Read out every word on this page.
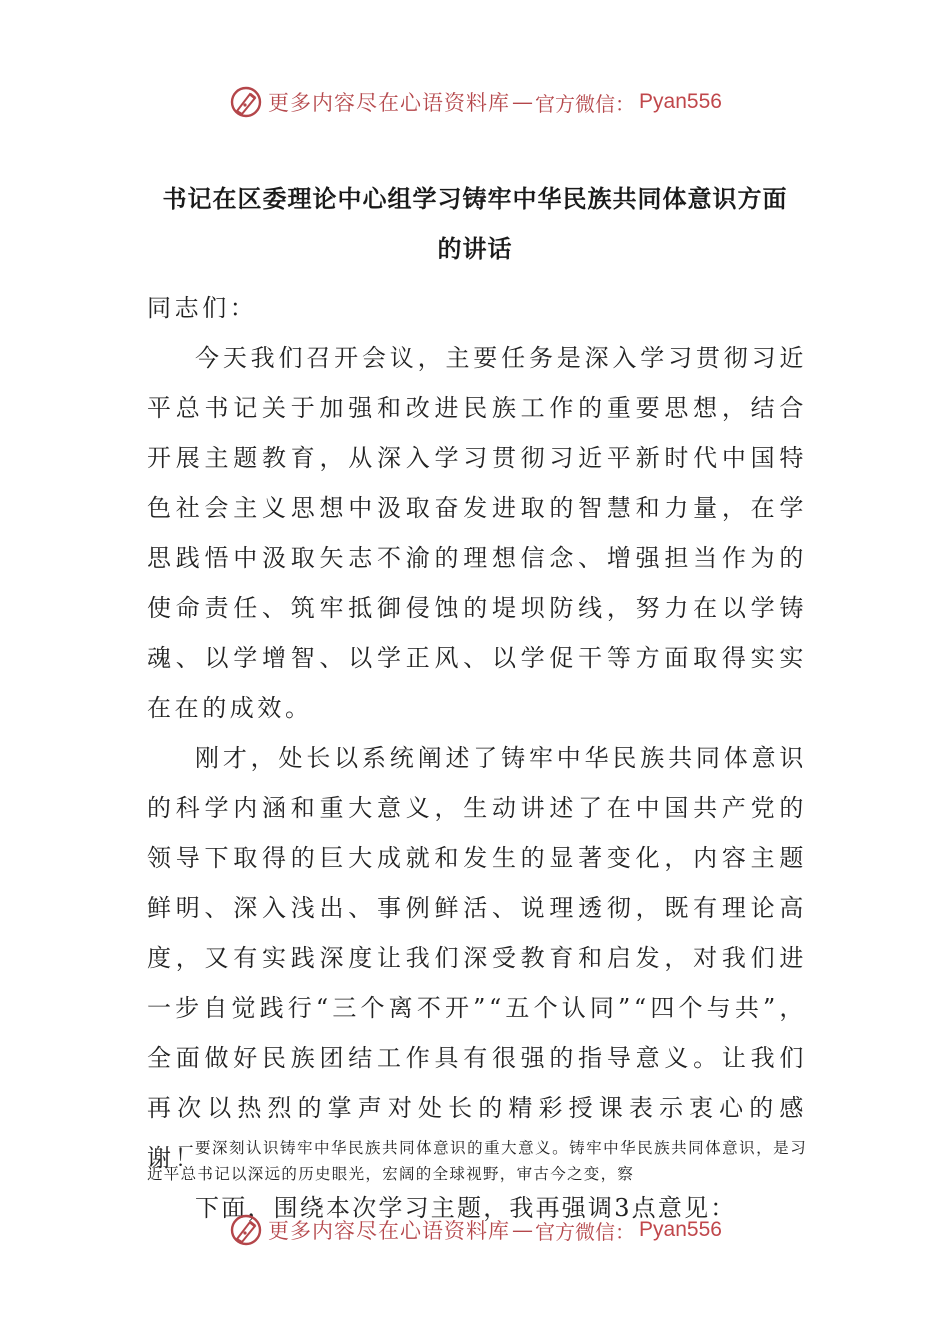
更多内容尽在心语资料库 — 官方微信： Pyan556
书记在区委理论中心组学习铸牢中华民族共同体意识方面
的讲话

同志们：

今天我们召开会议，主要任务是深入学习贯彻习近平总书记关于加强和改进民族工作的重要思想，结合开展主题教育，从深入学习贯彻习近平新时代中国特色社会主义思想中汲取奋发进取的智慧和力量，在学思践悟中汲取矢志不渝的理想信念、增强担当作为的使命责任、筑牢抵御侵蚀的堤坝防线，努力在以学铸魂、以学增智、以学正风、以学促干等方面取得实实在在的成效。

刚才，处长以系统阐述了铸牢中华民族共同体意识的科学内涵和重大意义，生动讲述了在中国共产党的领导下取得的巨大成就和发生的显著变化，内容主题鲜明、深入浅出、事例鲜活、说理透彻，既有理论高度，又有实践深度让我们深受教育和启发，对我们进一步自觉践行“三个离不开”“五个认同”“四个与共”，全面做好民族团结工作具有很强的指导意义。让我们再次以热烈的掌声对处长的精彩授课表示衷心的感谢！

下面，围绕本次学习主题，我再强调3点意见：

一要深刻认识铸牢中华民族共同体意识的重大意义。铸牢中华民族共同体意识，是习近平总书记以深远的历史眼光，宏阔的全球视野，审古今之变，察

更多内容尽在心语资料库 — 官方微信： Pyan556
